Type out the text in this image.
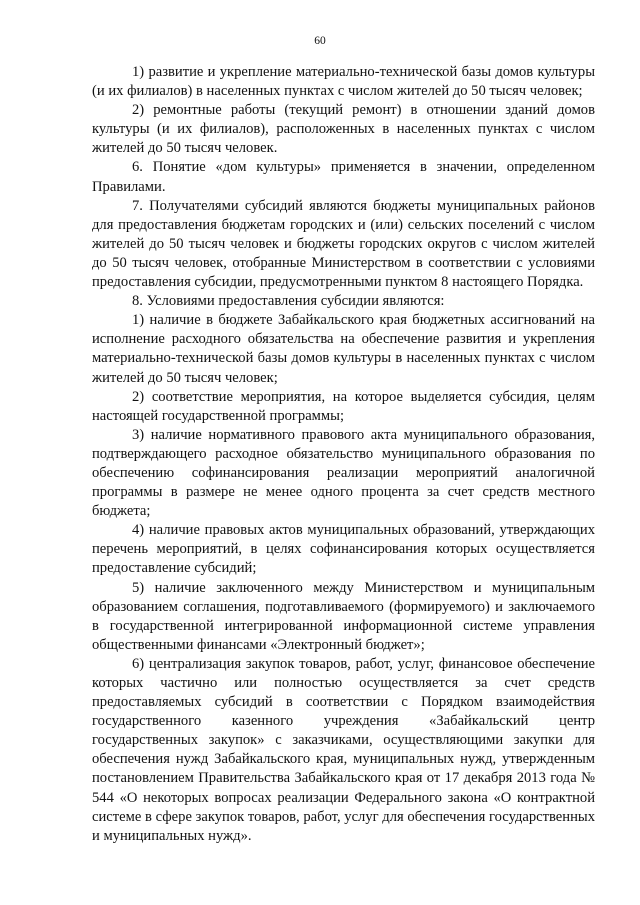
60

1) развитие и укрепление материально-технической базы домов культуры (и их филиалов) в населенных пунктах с числом жителей до 50 тысяч человек;

2) ремонтные работы (текущий ремонт) в отношении зданий домов культуры (и их филиалов), расположенных в населенных пунктах с числом жителей до 50 тысяч человек.

6. Понятие «дом культуры» применяется в значении, определенном Правилами.

7. Получателями субсидий являются бюджеты муниципальных районов для предоставления бюджетам городских и (или) сельских поселений с числом жителей до 50 тысяч человек и бюджеты городских округов с числом жителей до 50 тысяч человек, отобранные Министерством в соответствии с условиями предоставления субсидии, предусмотренными пунктом 8 настоящего Порядка.

8. Условиями предоставления субсидии являются:

1) наличие в бюджете Забайкальского края бюджетных ассигнований на исполнение расходного обязательства на обеспечение развития и укрепления материально-технической базы домов культуры в населенных пунктах с числом жителей до 50 тысяч человек;

2) соответствие мероприятия, на которое выделяется субсидия, целям настоящей государственной программы;

3) наличие нормативного правового акта муниципального образования, подтверждающего расходное обязательство муниципального образования по обеспечению софинансирования реализации мероприятий аналогичной программы в размере не менее одного процента за счет средств местного бюджета;

4) наличие правовых актов муниципальных образований, утверждающих перечень мероприятий, в целях софинансирования которых осуществляется предоставление субсидий;

5) наличие заключенного между Министерством и муниципальным образованием соглашения, подготавливаемого (формируемого) и заключаемого в государственной интегрированной информационной системе управления общественными финансами «Электронный бюджет»;

6) централизация закупок товаров, работ, услуг, финансовое обеспечение которых частично или полностью осуществляется за счет средств предоставляемых субсидий в соответствии с Порядком взаимодействия государственного казенного учреждения «Забайкальский центр государственных закупок» с заказчиками, осуществляющими закупки для обеспечения нужд Забайкальского края, муниципальных нужд, утвержденным постановлением Правительства Забайкальского края от 17 декабря 2013 года № 544 «О некоторых вопросах реализации Федерального закона «О контрактной системе в сфере закупок товаров, работ, услуг для обеспечения государственных и муниципальных нужд».
